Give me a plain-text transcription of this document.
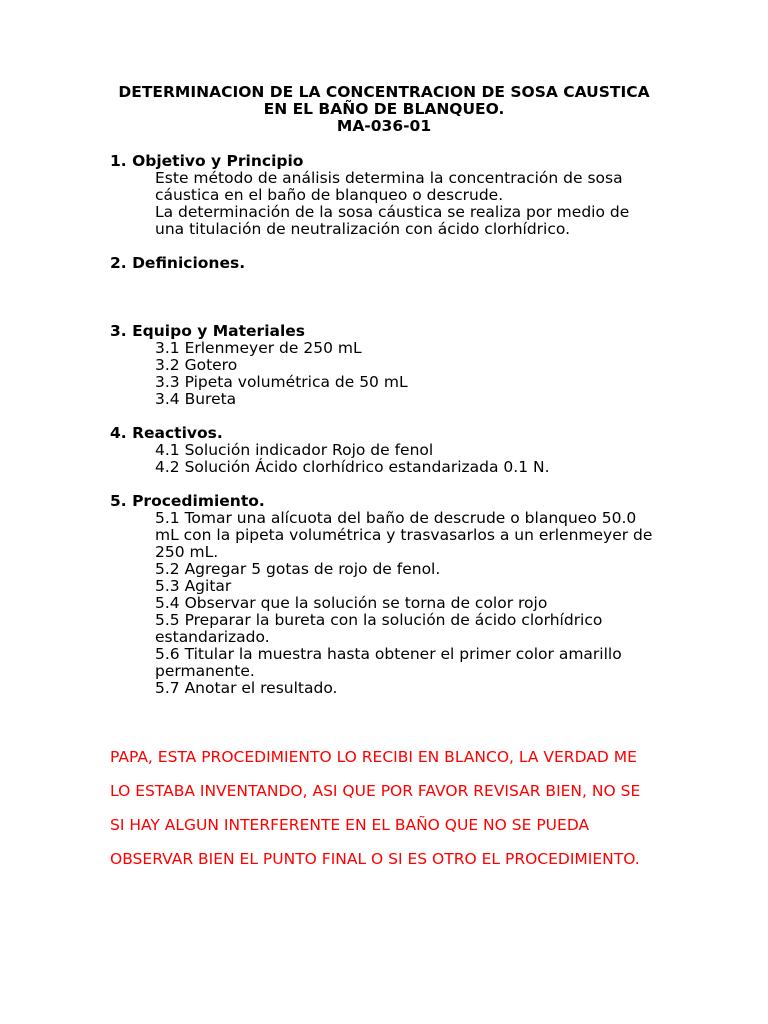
DETERMINACION DE LA CONCENTRACION DE SOSA CAUSTICA
EN EL BAÑO DE BLANQUEO.
MA-036-01
1. Objetivo y Principio
Este método de análisis determina la concentración de sosa
cáustica en el baño de blanqueo o descrude.
La determinación de la sosa cáustica se realiza por medio de
una titulación de neutralización con ácido clorhídrico.
2. Definiciones.
3. Equipo y Materiales
3.1 Erlenmeyer de 250 mL
3.2 Gotero
3.3 Pipeta volumétrica de 50 mL
3.4 Bureta
4. Reactivos.
4.1 Solución indicador Rojo de fenol
4.2 Solución Ácido clorhídrico estandarizada 0.1 N.
5. Procedimiento.
5.1 Tomar una alícuota del baño de descrude o blanqueo 50.0
mL con la pipeta volumétrica y trasvasarlos a un erlenmeyer de
250 mL.
5.2 Agregar 5 gotas de rojo de fenol.
5.3 Agitar
5.4 Observar que la solución se torna de color rojo
5.5 Preparar la bureta con la solución de ácido clorhídrico
estandarizado.
5.6 Titular la muestra hasta obtener el primer color amarillo
permanente.
5.7 Anotar el resultado.

PAPA, ESTA PROCEDIMIENTO LO RECIBI EN BLANCO, LA VERDAD ME

LO ESTABA INVENTANDO, ASI QUE POR FAVOR REVISAR BIEN, NO SE

SI HAY ALGUN INTERFERENTE EN EL BAÑO QUE NO SE PUEDA

OBSERVAR BIEN EL PUNTO FINAL O SI ES OTRO EL PROCEDIMIENTO.
